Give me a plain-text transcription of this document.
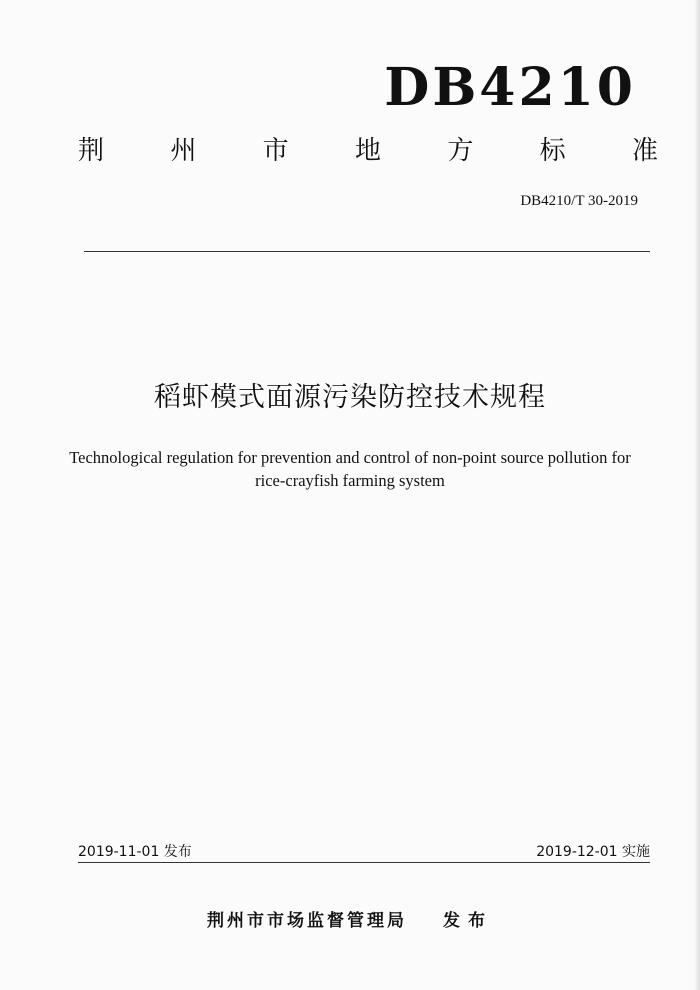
DB4210
荆	州	市	地	方	标	准
DB4210/T 30-2019
稻虾模式面源污染防控技术规程
Technological regulation for prevention and control of non-point source pollution for
rice-crayfish farming system
2019-11-01 发布	2019-12-01 实施
荆州市市场监督管理局 发布
